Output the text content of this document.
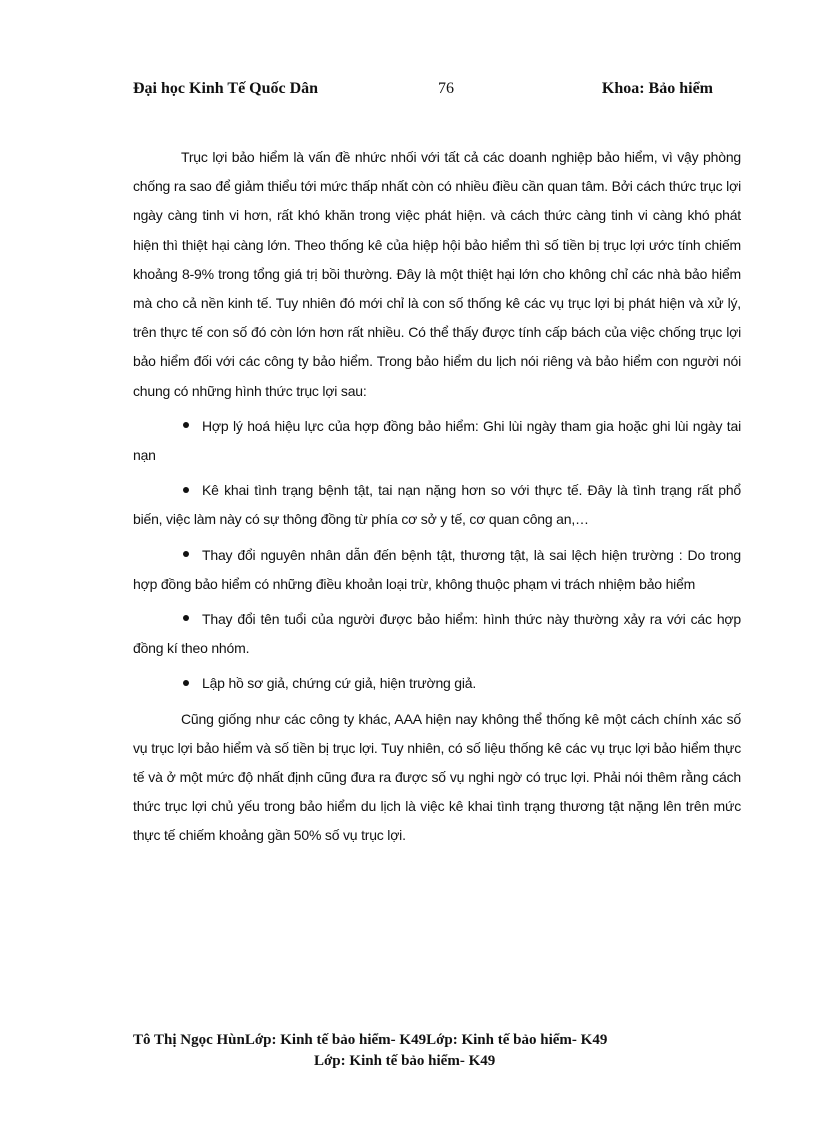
Đại học Kinh Tế Quốc Dân	76	Khoa: Bảo hiểm

Trục lợi bảo hiểm là vấn đề nhức nhối với tất cả các doanh nghiệp bảo hiểm, vì vậy phòng chống ra sao để giảm thiểu tới mức thấp nhất còn có nhiều điều cần quan tâm. Bởi cách thức trục lợi ngày càng tinh vi hơn, rất khó khăn trong việc phát hiện. và cách thức càng tinh vi càng khó phát hiện thì thiệt hại càng lớn. Theo thống kê của hiệp hội bảo hiểm thì số tiền bị trục lợi ước tính chiếm khoảng 8-9% trong tổng giá trị bồi thường. Đây là một thiệt hại lớn cho không chỉ các nhà bảo hiểm mà cho cả nền kinh tế. Tuy nhiên đó mới chỉ là con số thống kê các vụ trục lợi bị phát hiện và xử lý, trên thực tế con số đó còn lớn hơn rất nhiều. Có thể thấy được tính cấp bách của việc chống trục lợi bảo hiểm đối với các công ty bảo hiểm. Trong bảo hiểm du lịch nói riêng và bảo hiểm con người nói chung có những hình thức trục lợi sau:

Hợp lý hoá hiệu lực của hợp đồng bảo hiểm: Ghi lùi ngày tham gia hoặc ghi lùi ngày tai nạn

Kê khai tình trạng bệnh tật, tai nạn nặng hơn so với thực tế. Đây là tình trạng rất phổ biến, việc làm này có sự thông đồng từ phía cơ sở y tế, cơ quan công an,…

Thay đổi nguyên nhân dẫn đến bệnh tật, thương tật, là sai lệch hiện trường : Do trong hợp đồng bảo hiểm có những điều khoản loại trừ, không thuộc phạm vi trách nhiệm bảo hiểm

Thay đổi tên tuổi của người được bảo hiểm: hình thức này thường xảy ra với các hợp đồng kí theo nhóm.

Lập hồ sơ giả, chứng cứ giả, hiện trường giả.

Cũng giống như các công ty khác, AAA hiện nay không thể thống kê một cách chính xác số vụ trục lợi bảo hiểm và số tiền bị trục lợi. Tuy nhiên, có số liệu thống kê các vụ trục lợi bảo hiểm thực tế và ở một mức độ nhất định cũng đưa ra được số vụ nghi ngờ có trục lợi. Phải nói thêm rằng cách thức trục lợi chủ yếu trong bảo hiểm du lịch là việc kê khai tình trạng thương tật nặng lên trên mức thực tế chiếm khoảng gần 50% số vụ trục lợi.

Tô Thị Ngọc HùnLớp: Kinh tế bảo hiểm- K49Lớp: Kinh tế bảo hiểm- K49
Lớp: Kinh tế bảo hiểm- K49
